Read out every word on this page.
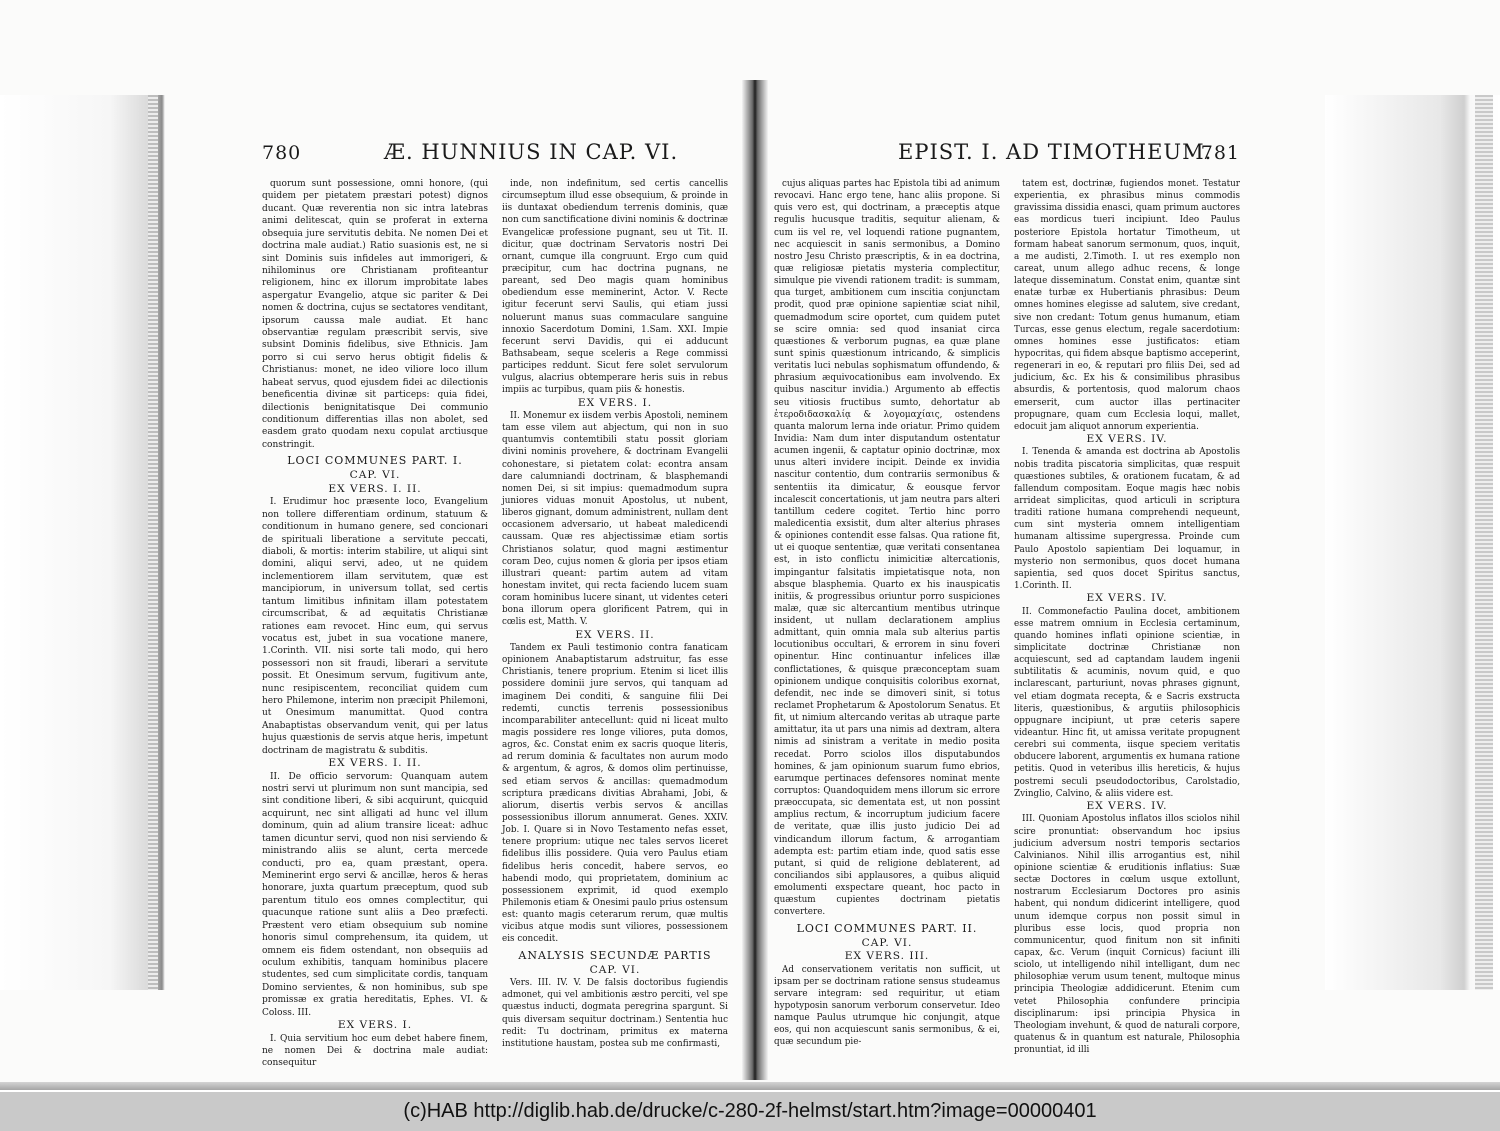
780	Æ. HUNNIUS IN CAP. VI.

quorum sunt possessione, omni honore, (qui quidem per pietatem præstari potest) dignos ducant. Quæ reverentia non sic intra latebras animi delitescat, quin se proferat in externa obsequia jure servitutis debita. Ne nomen Dei et doctrina male audiat.) Ratio suasionis est, ne si sint Dominis suis infideles aut immorigeri, & nihilominus ore Christianam profiteantur religionem, hinc ex illorum improbitate labes aspergatur Evangelio, atque sic pariter & Dei nomen & doctrina, cujus se sectatores venditant, ipsorum caussa male audiat. Et hanc observantiæ regulam præscribit servis, sive subsint Dominis fidelibus, sive Ethnicis. Jam porro si cui servo herus obtigit fidelis & Christianus: monet, ne ideo viliore loco illum habeat servus, quod ejusdem fidei ac dilectionis beneficentia divinæ sit particeps: quia fidei, dilectionis benignitatisque Dei communio conditionum differentias illas non abolet, sed easdem grato quodam nexu copulat arctiusque constringit.

LOCI COMMUNES PART. I.

CAP. VI.

EX VERS. I. II.

I. Erudimur hoc præsente loco, Evangelium non tollere differentiam ordinum, statuum & conditionum in humano genere, sed concionari de spirituali liberatione a servitute peccati, diaboli, & mortis: interim stabilire, ut aliqui sint domini, aliqui servi, adeo, ut ne quidem inclementiorem illam servitutem, quæ est mancipiorum, in universum tollat, sed certis tantum limitibus infinitam illam potestatem circumscribat, & ad æquitatis Christianæ rationes eam revocet. Hinc eum, qui servus vocatus est, jubet in sua vocatione manere, 1.Corinth. VII. nisi sorte tali modo, qui hero possessori non sit fraudi, liberari a servitute possit. Et Onesimum servum, fugitivum ante, nunc resipiscentem, reconciliat quidem cum hero Philemone, interim non præcipit Philemoni, ut Onesimum manumittat. Quod contra Anabaptistas observandum venit, qui per latus hujus quæstionis de servis atque heris, impetunt doctrinam de magistratu & subditis.

EX VERS. I. II.

II. De officio servorum: Quanquam autem nostri servi ut plurimum non sunt mancipia, sed sint conditione liberi, & sibi acquirunt, quicquid acquirunt, nec sint alligati ad hunc vel illum dominum, quin ad alium transire liceat: adhuc tamen dicuntur servi, quod non nisi serviendo & ministrando aliis se alunt, certa mercede conducti, pro ea, quam præstant, opera. Meminerint ergo servi & ancillæ, heros & heras honorare, juxta quartum præceptum, quod sub parentum titulo eos omnes complectitur, qui quacunque ratione sunt aliis a Deo præfecti. Præstent vero etiam obsequium sub nomine honoris simul comprehensum, ita quidem, ut omnem eis fidem ostendant, non obsequiis ad oculum exhibitis, tanquam hominibus placere studentes, sed cum simplicitate cordis, tanquam Domino servientes, & non hominibus, sub spe promissæ ex gratia hereditatis, Ephes. VI. & Coloss. III.

EX VERS. I.

I. Quia servitium hoc eum debet habere finem, ne nomen Dei & doctrina male audiat: consequitur

inde, non indefinitum, sed certis cancellis circumseptum illud esse obsequium, & proinde in iis duntaxat obediendum terrenis dominis, quæ non cum sanctificatione divini nominis & doctrinæ Evangelicæ professione pugnant, seu ut Tit. II. dicitur, quæ doctrinam Servatoris nostri Dei ornant, cumque illa congruunt. Ergo cum quid præcipitur, cum hac doctrina pugnans, ne pareant, sed Deo magis quam hominibus obediendum esse meminerint, Actor. V. Recte igitur fecerunt servi Saulis, qui etiam jussi noluerunt manus suas commaculare sanguine innoxio Sacerdotum Domini, 1.Sam. XXI. Impie fecerunt servi Davidis, qui ei adducunt Bathsabeam, seque sceleris a Rege commissi participes reddunt. Sicut fere solet servulorum vulgus, alacrius obtemperare heris suis in rebus impiis ac turpibus, quam piis & honestis.

EX VERS. I.

II. Monemur ex iisdem verbis Apostoli, neminem tam esse vilem aut abjectum, qui non in suo quantumvis contemtibili statu possit gloriam divini nominis provehere, & doctrinam Evangelii cohonestare, si pietatem colat: econtra ansam dare calumniandi doctrinam, & blasphemandi nomen Dei, si sit impius: quemadmodum supra juniores viduas monuit Apostolus, ut nubent, liberos gignant, domum administrent, nullam dent occasionem adversario, ut habeat maledicendi caussam. Quæ res abjectissimæ etiam sortis Christianos solatur, quod magni æstimentur coram Deo, cujus nomen & gloria per ipsos etiam illustrari queant: partim autem ad vitam honestam invitet, qui recta faciendo lucem suam coram hominibus lucere sinant, ut videntes ceteri bona illorum opera glorificent Patrem, qui in cœlis est, Matth. V.

EX VERS. II.

Tandem ex Pauli testimonio contra fanaticam opinionem Anabaptistarum adstruitur, fas esse Christianis, tenere proprium. Etenim si licet illis possidere dominii jure servos, qui tanquam ad imaginem Dei conditi, & sanguine filii Dei redemti, cunctis terrenis possessionibus incomparabiliter antecellunt: quid ni liceat multo magis possidere res longe viliores, puta domos, agros, &c. Constat enim ex sacris quoque literis, ad rerum dominia & facultates non aurum modo & argentum, & agros, & domos olim pertinuisse, sed etiam servos & ancillas: quemadmodum scriptura prædicans divitias Abrahami, Jobi, & aliorum, disertis verbis servos & ancillas possessionibus illorum annumerat. Genes. XXIV. Job. I. Quare si in Novo Testamento nefas esset, tenere proprium: utique nec tales servos liceret fidelibus illis possidere. Quia vero Paulus etiam fidelibus heris concedit, habere servos, eo habendi modo, qui proprietatem, dominium ac possessionem exprimit, id quod exemplo Philemonis etiam & Onesimi paulo prius ostensum est: quanto magis ceterarum rerum, quæ multis vicibus atque modis sunt viliores, possessionem eis concedit.

ANALYSIS SECUNDÆ PARTIS

CAP. VI.

Vers. III. IV. V. De falsis doctoribus fugiendis admonet, qui vel ambitionis æstro perciti, vel spe quæstus inducti, dogmata peregrina spargunt. Si quis diversam sequitur doctrinam.) Sententia huc redit: Tu doctrinam, primitus ex materna institutione haustam, postea sub me confirmasti,

EPIST. I. AD TIMOTHEUM.
781

cujus aliquas partes hac Epistola tibi ad animum revocavi. Hanc ergo tene, hanc aliis propone. Si quis vero est, qui doctrinam, a præceptis atque regulis hucusque traditis, sequitur alienam, & cum iis vel re, vel loquendi ratione pugnantem, nec acquiescit in sanis sermonibus, a Domino nostro Jesu Christo præscriptis, & in ea doctrina, quæ religiosæ pietatis mysteria complectitur, simulque pie vivendi rationem tradit: is summam, qua turget, ambitionem cum inscitia conjunctam prodit, quod præ opinione sapientiæ sciat nihil, quemadmodum scire oportet, cum quidem putet se scire omnia: sed quod insaniat circa quæstiones & verborum pugnas, ea quæ plane sunt spinis quæstionum intricando, & simplicis veritatis luci nebulas sophismatum offundendo, & phrasium æquivocationibus eam involvendo. Ex quibus nascitur invidia.) Argumento ab effectis seu vitiosis fructibus sumto, dehortatur ab ἑτεροδιδασκαλίᾳ & λογομαχίαις, ostendens quanta malorum lerna inde oriatur. Primo quidem Invidia: Nam dum inter disputandum ostentatur acumen ingenii, & captatur opinio doctrinæ, mox unus alteri invidere incipit. Deinde ex invidia nascitur contentio, dum contrariis sermonibus & sententiis ita dimicatur, & eousque fervor incalescit concertationis, ut jam neutra pars alteri tantillum cedere cogitet. Tertio hinc porro maledicentia exsistit, dum alter alterius phrases & opiniones contendit esse falsas. Qua ratione fit, ut ei quoque sententiæ, quæ veritati consentanea est, in isto conflictu inimicitiæ altercationis, impingantur falsitatis impietatisque nota, non absque blasphemia. Quarto ex his inauspicatis initiis, & progressibus oriuntur porro suspiciones malæ, quæ sic altercantium mentibus utrinque insident, ut nullam declarationem amplius admittant, quin omnia mala sub alterius partis locutionibus occultari, & errorem in sinu foveri opinentur. Hinc continuantur infelices illæ conflictationes, & quisque præconceptam suam opinionem undique conquisitis coloribus exornat, defendit, nec inde se dimoveri sinit, si totus reclamet Prophetarum & Apostolorum Senatus. Et fit, ut nimium altercando veritas ab utraque parte amittatur, ita ut pars una nimis ad dextram, altera nimis ad sinistram a veritate in medio posita recedat. Porro sciolos illos disputabundos homines, & jam opinionum suarum fumo ebrios, earumque pertinaces defensores nominat mente corruptos: Quandoquidem mens illorum sic errore præoccupata, sic dementata est, ut non possint amplius rectum, & incorruptum judicium facere de veritate, quæ illis justo judicio Dei ad vindicandum illorum factum, & arrogantiam adempta est: partim etiam inde, quod satis esse putant, si quid de religione deblaterent, ad conciliandos sibi applausores, a quibus aliquid emolumenti exspectare queant, hoc pacto in quæstum cupientes doctrinam pietatis convertere.

LOCI COMMUNES PART. II.

CAP. VI.

EX VERS. III.

Ad conservationem veritatis non sufficit, ut ipsam per se doctrinam ratione sensus studeamus servare integram: sed requiritur, ut etiam hypotyposin sanorum verborum conservetur. Ideo namque Paulus utrumque hic conjungit, atque eos, qui non acquiescunt sanis sermonibus, & ei, quæ secundum pie-

tatem est, doctrinæ, fugiendos monet. Testatur experientia, ex phrasibus minus commodis gravissima dissidia enasci, quam primum auctores eas mordicus tueri incipiunt. Ideo Paulus posteriore Epistola hortatur Timotheum, ut formam habeat sanorum sermonum, quos, inquit, a me audisti, 2.Timoth. I. ut res exemplo non careat, unum allego adhuc recens, & longe lateque disseminatum. Constat enim, quantæ sint enatæ turbæ ex Hubertianis phrasibus: Deum omnes homines elegisse ad salutem, sive credant, sive non credant: Totum genus humanum, etiam Turcas, esse genus electum, regale sacerdotium: omnes homines esse justificatos: etiam hypocritas, qui fidem absque baptismo acceperint, regenerari in eo, & reputari pro filiis Dei, sed ad judicium, &c. Ex his & consimilibus phrasibus absurdis, & portentosis, quod malorum chaos emerserit, cum auctor illas pertinaciter propugnare, quam cum Ecclesia loqui, mallet, edocuit jam aliquot annorum experientia.

EX VERS. IV.

I. Tenenda & amanda est doctrina ab Apostolis nobis tradita piscatoria simplicitas, quæ respuit quæstiones subtiles, & orationem fucatam, & ad fallendum compositam. Eoque magis hæc nobis arrideat simplicitas, quod articuli in scriptura traditi ratione humana comprehendi nequeunt, cum sint mysteria omnem intelligentiam humanam altissime supergressa. Proinde cum Paulo Apostolo sapientiam Dei loquamur, in mysterio non sermonibus, quos docet humana sapientia, sed quos docet Spiritus sanctus, 1.Corinth. II.

EX VERS. IV.

II. Commonefactio Paulina docet, ambitionem esse matrem omnium in Ecclesia certaminum, quando homines inflati opinione scientiæ, in simplicitate doctrinæ Christianæ non acquiescunt, sed ad captandam laudem ingenii subtilitatis & acuminis, novum quid, e quo inclarescant, parturiunt, novas phrases gignunt, vel etiam dogmata recepta, & e Sacris exstructa literis, quæstionibus, & argutiis philosophicis oppugnare incipiunt, ut præ ceteris sapere videantur. Hinc fit, ut amissa veritate propugnent cerebri sui commenta, iisque speciem veritatis obducere laborent, argumentis ex humana ratione petitis. Quod in veteribus illis hereticis, & hujus postremi seculi pseudodoctoribus, Carolstadio, Zvinglio, Calvino, & aliis videre est.

EX VERS. IV.

III. Quoniam Apostolus inflatos illos sciolos nihil scire pronuntiat: observandum hoc ipsius judicium adversum nostri temporis sectarios Calvinianos. Nihil illis arrogantius est, nihil opinione scientiæ & eruditionis inflatius: Suæ sectæ Doctores in cœlum usque extollunt, nostrarum Ecclesiarum Doctores pro asinis habent, qui nondum didicerint intelligere, quod unum idemque corpus non possit simul in pluribus esse locis, quod propria non communicentur, quod finitum non sit infiniti capax, &c. Verum (inquit Cornicus) faciunt illi sciolo, ut intelligendo nihil intelligant, dum nec philosophiæ verum usum tenent, multoque minus principia Theologiæ addidicerunt. Etenim cum vetet Philosophia confundere principia disciplinarum: ipsi principia Physica in Theologiam invehunt, & quod de naturali corpore, quatenus & in quantum est naturale, Philosophia pronuntiat, id illi

(c)HAB http://diglib.hab.de/drucke/c-280-2f-helmst/start.htm?image=00000401
